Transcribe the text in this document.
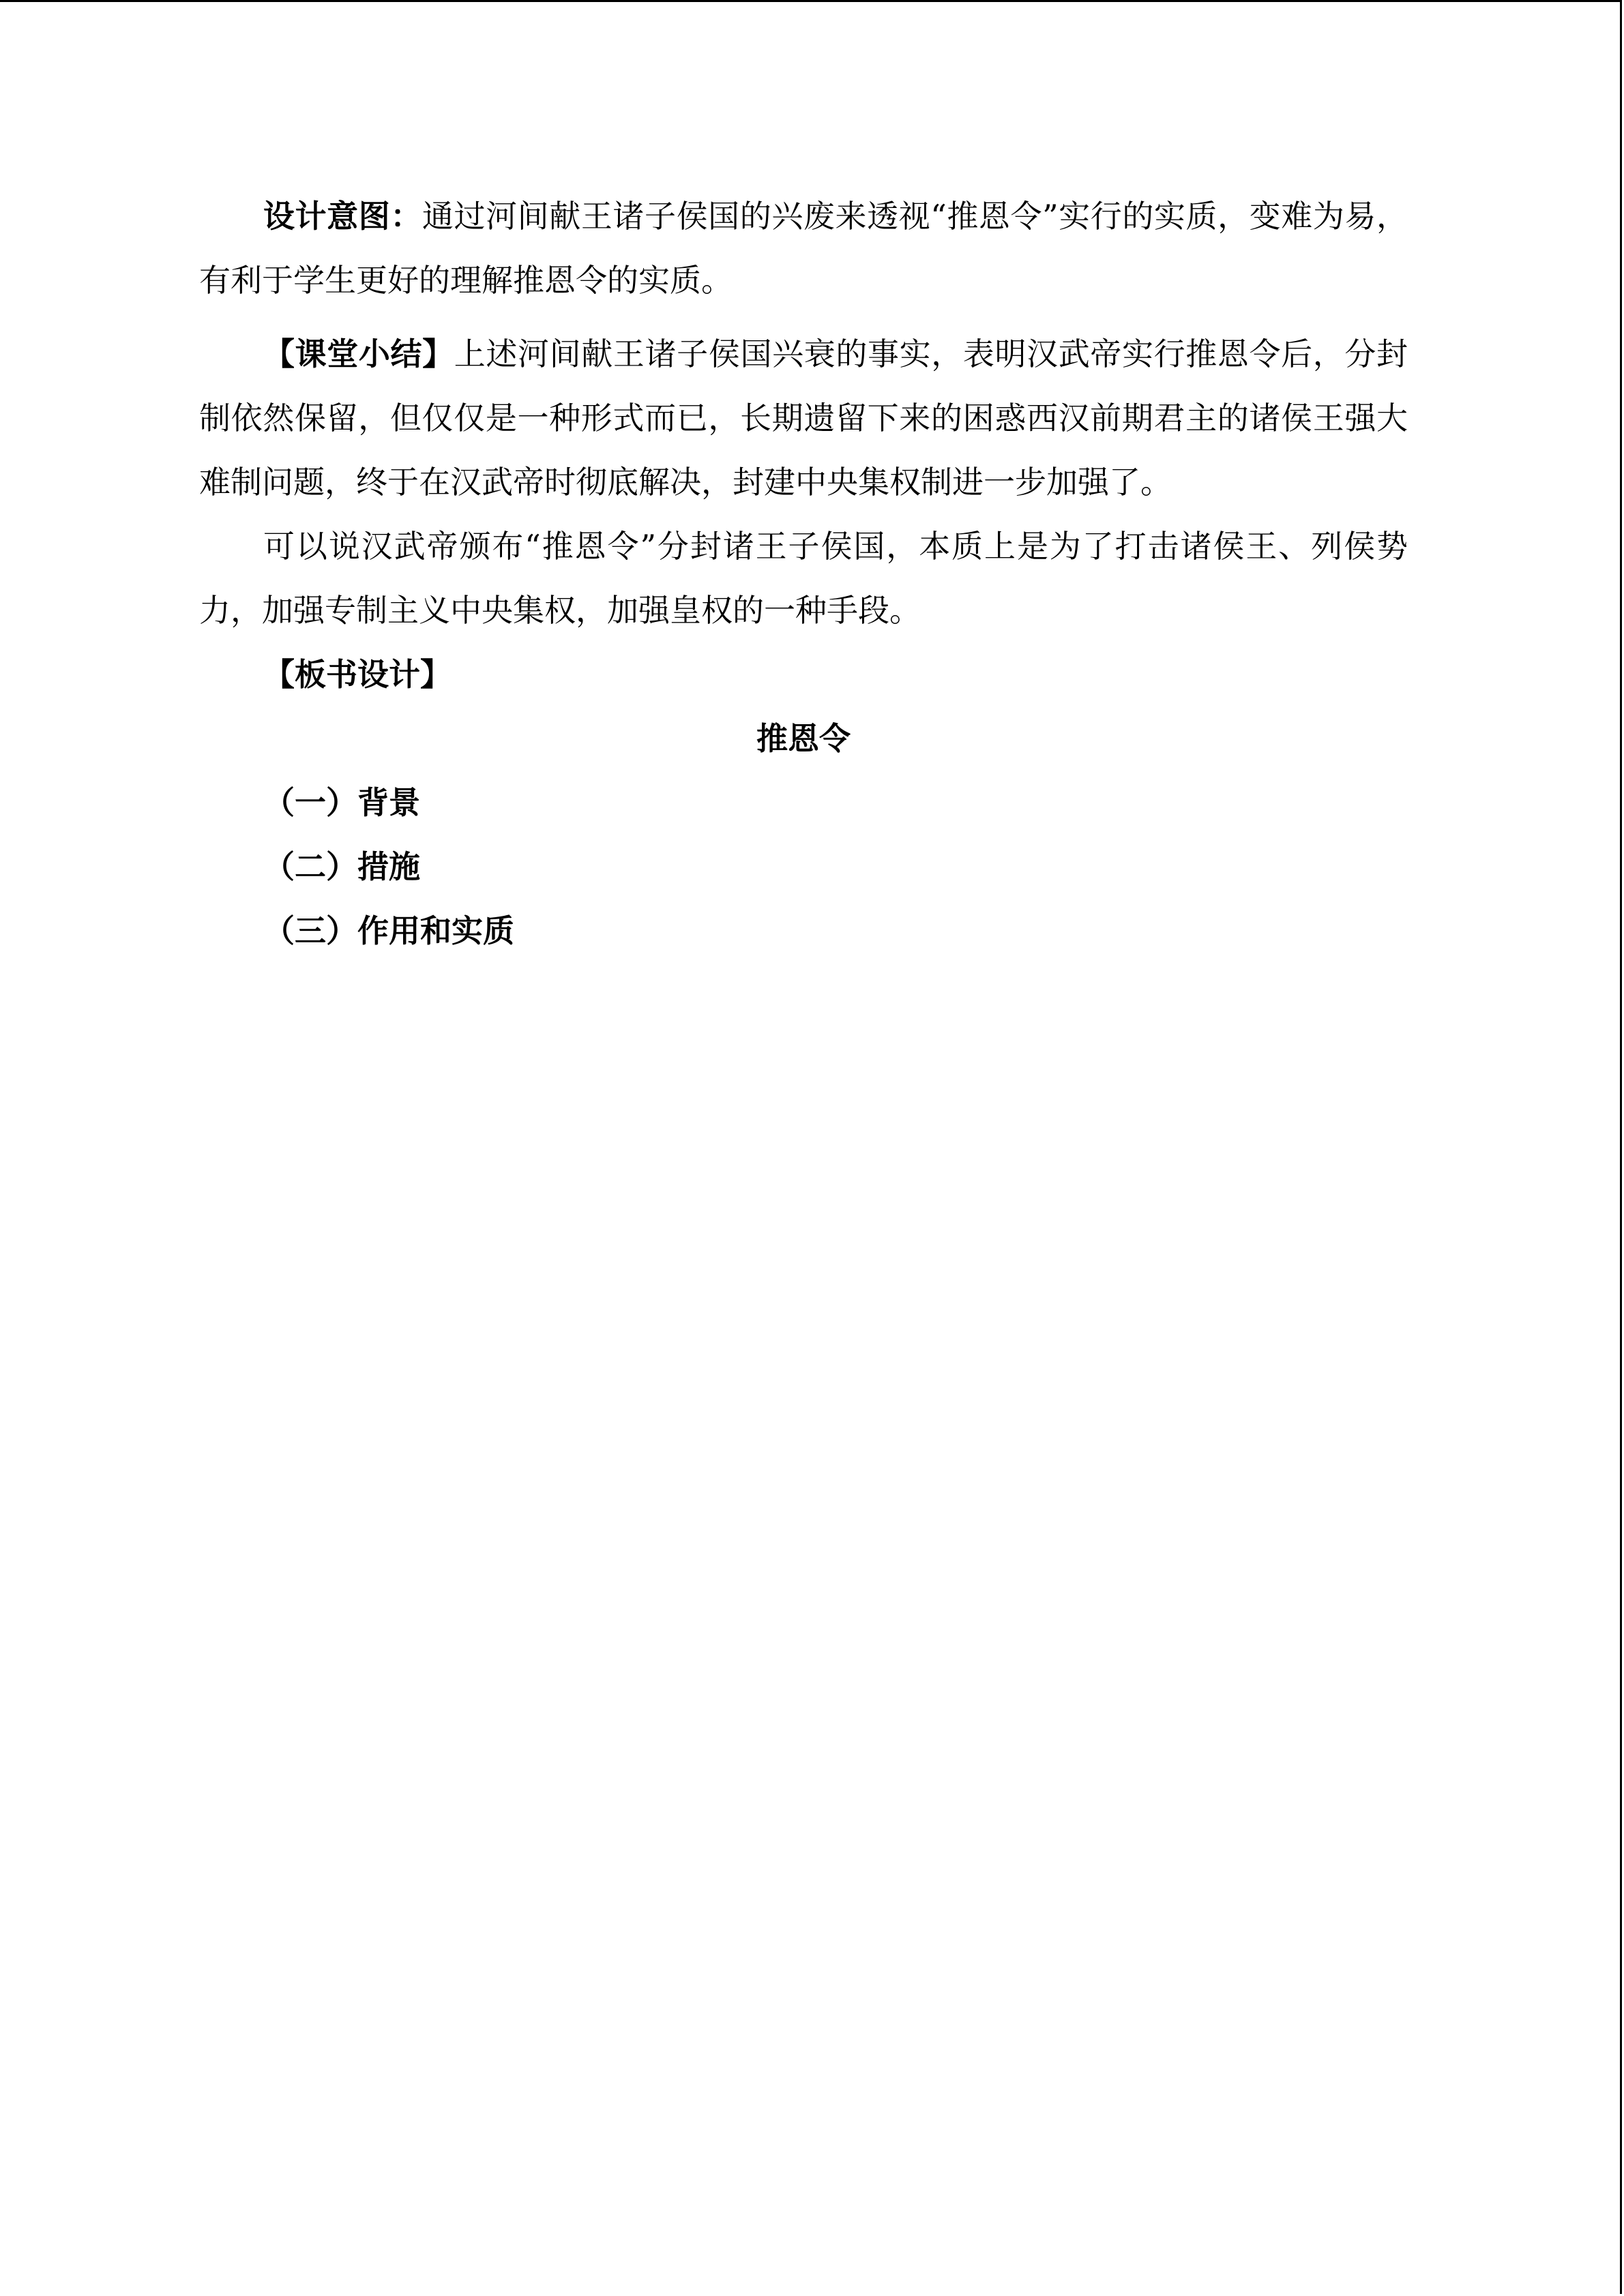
设计意图：通过河间献王诸子侯国的兴废来透视“推恩令”实行的实质，变难为易，有利于学生更好的理解推恩令的实质。

【课堂小结】上述河间献王诸子侯国兴衰的事实，表明汉武帝实行推恩令后，分封制依然保留，但仅仅是一种形式而已，长期遗留下来的困惑西汉前期君主的诸侯王强大难制问题，终于在汉武帝时彻底解决，封建中央集权制进一步加强了。

可以说汉武帝颁布“推恩令”分封诸王子侯国，本质上是为了打击诸侯王、列侯势力，加强专制主义中央集权，加强皇权的一种手段。

【板书设计】

推恩令

（一）背景

（二）措施

（三）作用和实质
